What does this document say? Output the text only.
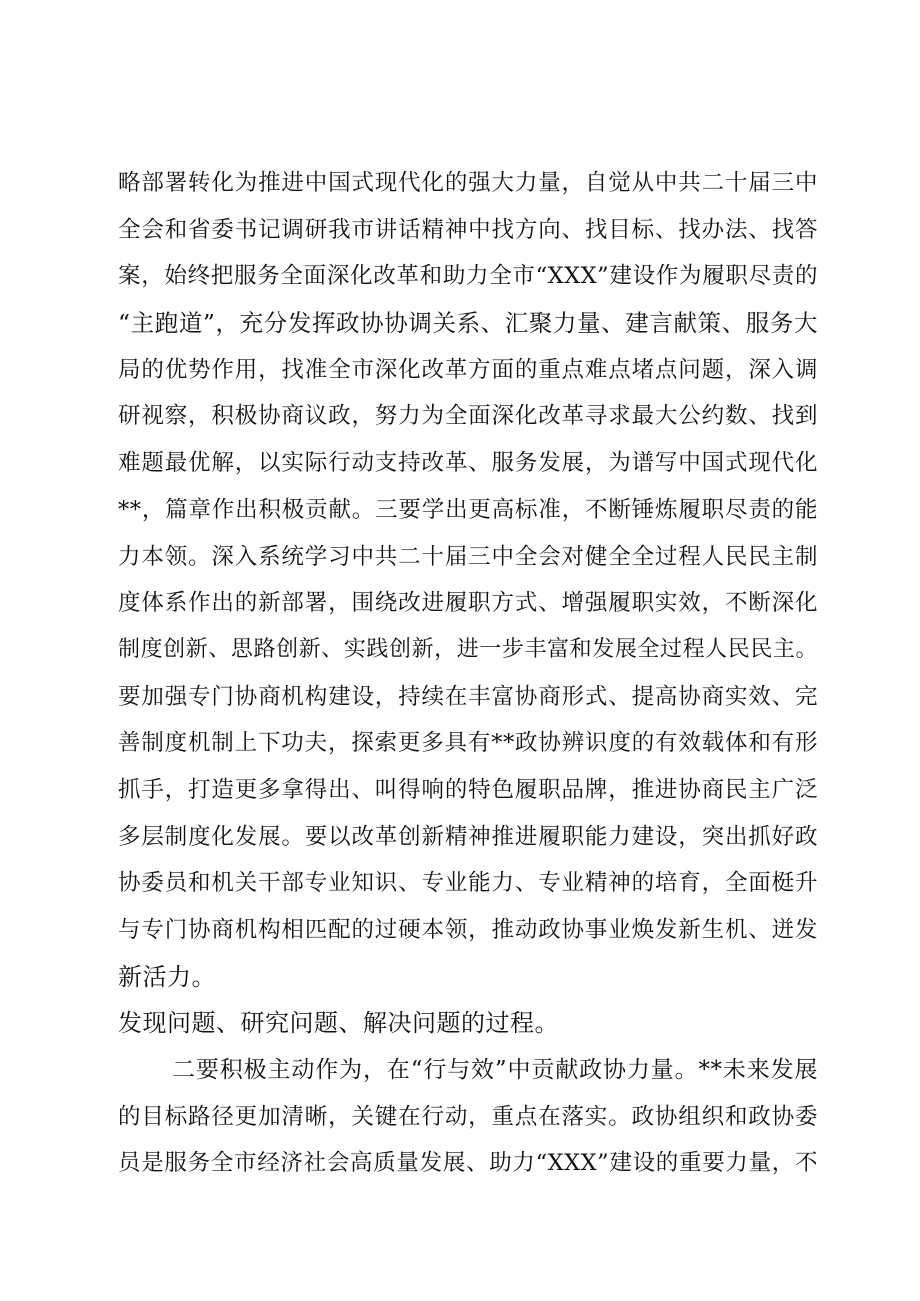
略部署转化为推进中国式现代化的强大力量，自觉从中共二十届三中
全会和省委书记调研我市讲话精神中找方向、找目标、找办法、找答
案，始终把服务全面深化改革和助力全市“XXX”建设作为履职尽责的
“主跑道”，充分发挥政协协调关系、汇聚力量、建言献策、服务大
局的优势作用，找准全市深化改革方面的重点难点堵点问题，深入调
研视察，积极协商议政，努力为全面深化改革寻求最大公约数、找到
难题最优解，以实际行动支持改革、服务发展，为谱写中国式现代化
**，篇章作出积极贡献。三要学出更高标准，不断锤炼履职尽责的能
力本领。深入系统学习中共二十届三中全会对健全全过程人民民主制
度体系作出的新部署，围绕改进履职方式、增强履职实效，不断深化
制度创新、思路创新、实践创新，进一步丰富和发展全过程人民民主。
要加强专门协商机构建设，持续在丰富协商形式、提高协商实效、完
善制度机制上下功夫，探索更多具有**政协辨识度的有效载体和有形
抓手，打造更多拿得出、叫得响的特色履职品牌，推进协商民主广泛
多层制度化发展。要以改革创新精神推进履职能力建设，突出抓好政
协委员和机关干部专业知识、专业能力、专业精神的培育，全面梃升
与专门协商机构相匹配的过硬本领，推动政协事业焕发新生机、迸发
新活力。
发现问题、研究问题、解决问题的过程。
二要积极主动作为，在“行与效”中贡献政协力量。**未来发展
的目标路径更加清晰，关键在行动，重点在落实。政协组织和政协委
员是服务全市经济社会高质量发展、助力“XXX”建设的重要力量，不
